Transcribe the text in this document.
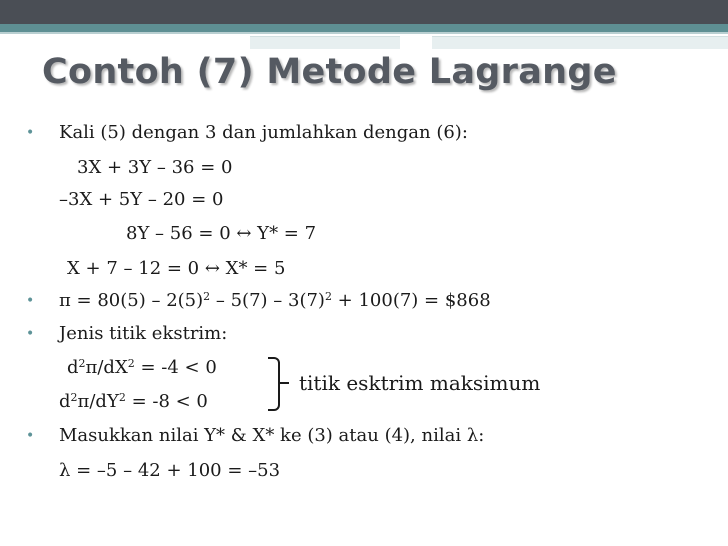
Contoh (7) Metode Lagrange
• Kali (5) dengan 3 dan jumlahkan dengan (6):
3X + 3Y – 36 = 0
–3X + 5Y – 20 = 0
8Y – 56 = 0 ↔ Y* = 7
X + 7 – 12 = 0 ↔ X* = 5
• $\pi = 80(5) - 2(5)^2 - 5(7) - 3(7)^2 + 100(7)$ = $868
• Jenis titik ekstrim:
$d^2\pi/dX^2 = -4 < 0$
$d^2\pi/dY^2 = -8 < 0$
titik esktrim maksimum
• Masukkan nilai Y* & X* ke (3) atau (4), nilai λ:
λ = –5 – 42 + 100 = –53
